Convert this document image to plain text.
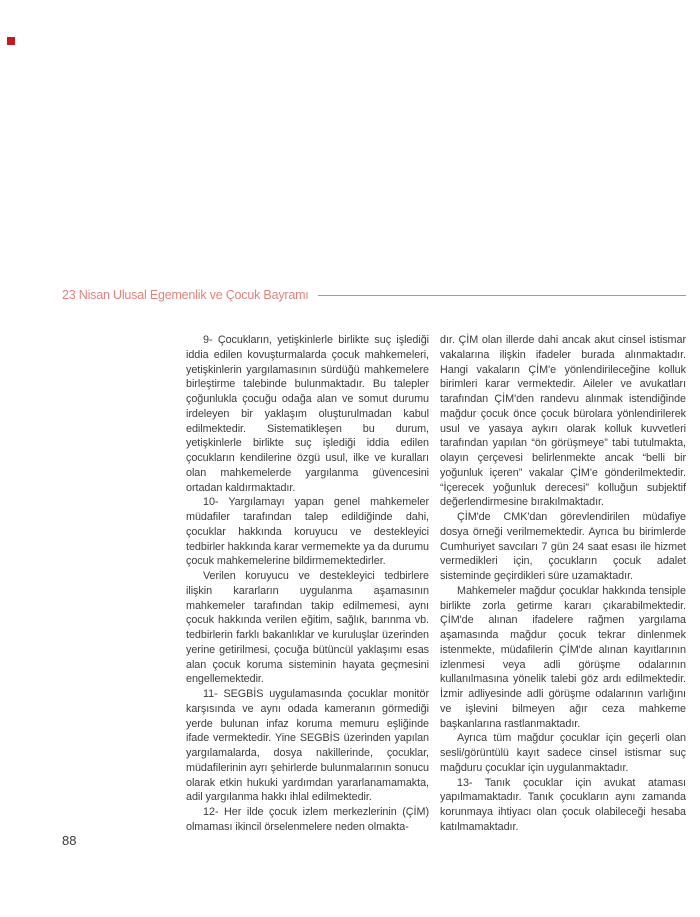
23 Nisan Ulusal Egemenlik ve Çocuk Bayramı

9- Çocukların, yetişkinlerle birlikte suç işlediği iddia edilen kovuşturmalarda çocuk mahkemeleri, yetişkinlerin yargılamasının sürdüğü mahkemelere birleştirme talebinde bulunmaktadır. Bu talepler çoğunlukla çocuğu odağa alan ve somut durumu irdeleyen bir yaklaşım oluşturulmadan kabul edilmektedir. Sistematikleşen bu durum, yetişkinlerle birlikte suç işlediği iddia edilen çocukların kendilerine özgü usul, ilke ve kuralları olan mahkemelerde yargılanma güvencesini ortadan kaldırmaktadır.

10- Yargılamayı yapan genel mahkemeler müdafiler tarafından talep edildiğinde dahi, çocuklar hakkında koruyucu ve destekleyici tedbirler hakkında karar vermemekte ya da durumu çocuk mahkemelerine bildirmemektedirler.

Verilen koruyucu ve destekleyici tedbirlere ilişkin kararların uygulanma aşamasının mahkemeler tarafından takip edilmemesi, aynı çocuk hakkında verilen eğitim, sağlık, barınma vb. tedbirlerin farklı bakanlıklar ve kuruluşlar üzerinden yerine getirilmesi, çocuğa bütüncül yaklaşımı esas alan çocuk koruma sisteminin hayata geçmesini engellemektedir.

11- SEGBİS uygulamasında çocuklar monitör karşısında ve aynı odada kameranın görmediği yerde bulunan infaz koruma memuru eşliğinde ifade vermektedir. Yine SEGBİS üzerinden yapılan yargılamalarda, dosya nakillerinde, çocuklar, müdafilerinin ayrı şehirlerde bulunmalarının sonucu olarak etkin hukuki yardımdan yararlanamamakta, adil yargılanma hakkı ihlal edilmektedir.

12- Her ilde çocuk izlem merkezlerinin (ÇİM) olmaması ikincil örselenmelere neden olmakta-

dır. ÇİM olan illerde dahi ancak akut cinsel istismar vakalarına ilişkin ifadeler burada alınmaktadır. Hangi vakaların ÇİM'e yönlendirileceğine kolluk birimleri karar vermektedir. Aileler ve avukatları tarafından ÇİM'den randevu alınmak istendiğinde mağdur çocuk önce çocuk bürolara yönlendirilerek usul ve yasaya aykırı olarak kolluk kuvvetleri tarafından yapılan “ön görüşmeye” tabi tutulmakta, olayın çerçevesi belirlenmekte ancak “belli bir yoğunluk içeren” vakalar ÇİM'e gönderilmektedir. “İçerecek yoğunluk derecesi” kolluğun subjektif değerlendirmesine bırakılmaktadır.

ÇİM'de CMK'dan görevlendirilen müdafiye dosya örneği verilmemektedir. Ayrıca bu birimlerde Cumhuriyet savcıları 7 gün 24 saat esası ile hizmet vermedikleri için, çocukların çocuk adalet sisteminde geçirdikleri süre uzamaktadır.

Mahkemeler mağdur çocuklar hakkında tensiple birlikte zorla getirme kararı çıkarabilmektedir. ÇİM'de alınan ifadelere rağmen yargılama aşamasında mağdur çocuk tekrar dinlenmek istenmekte, müdafilerin ÇİM'de alınan kayıtlarının izlenmesi veya adli görüşme odalarının kullanılmasına yönelik talebi göz ardı edilmektedir. İzmir adliyesinde adli görüşme odalarının varlığını ve işlevini bilmeyen ağır ceza mahkeme başkanlarına rastlanmaktadır.

Ayrıca tüm mağdur çocuklar için geçerli olan sesli/görüntülü kayıt sadece cinsel istismar suç mağduru çocuklar için uygulanmaktadır.

13- Tanık çocuklar için avukat ataması yapılmamaktadır. Tanık çocukların aynı zamanda korunmaya ihtiyacı olan çocuk olabileceği hesaba katılmamaktadır.

88
